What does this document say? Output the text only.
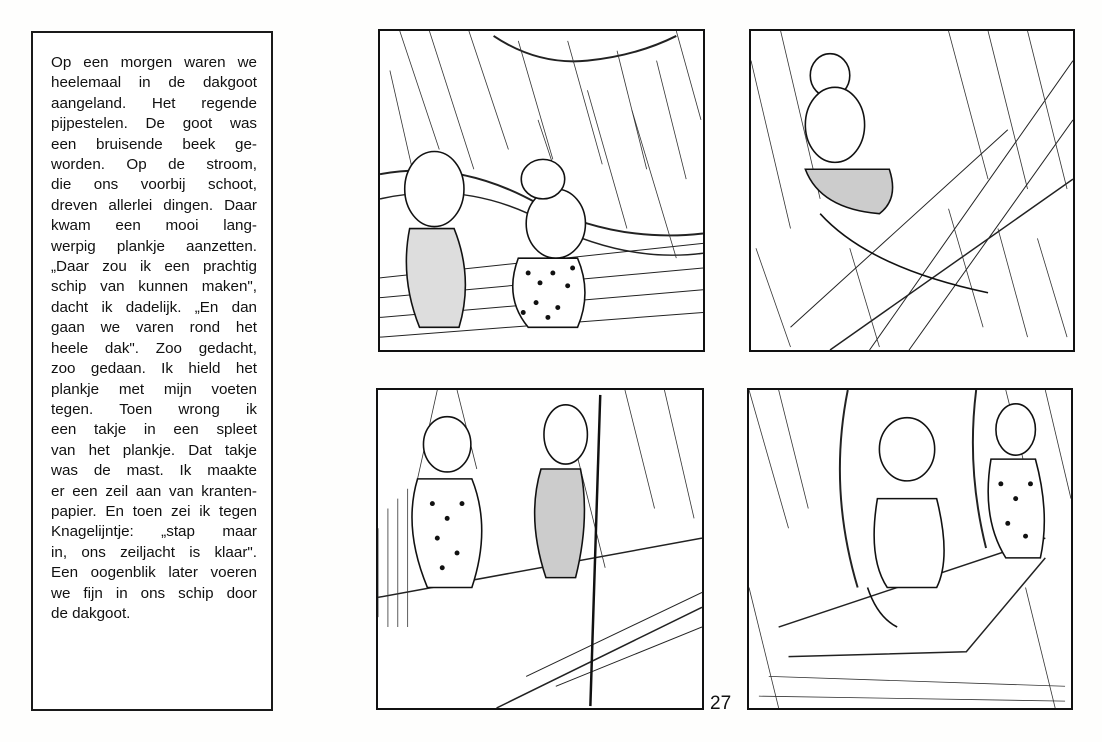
Op een morgen waren we
heelemaal in de dakgoot
aangeland. Het regende
pijpestelen. De goot was
een bruisende beek ge-
worden. Op de stroom,
die ons voorbij schoot,
dreven allerlei dingen. Daar
kwam een mooi lang-
werpig plankje aanzetten.
„Daar zou ik een prachtig
schip van kunnen maken",
dacht ik dadelijk. „En dan
gaan we varen rond het
heele dak". Zoo gedacht,
zoo gedaan. Ik hield het
plankje met mijn voeten
tegen. Toen wrong ik
een takje in een spleet
van het plankje. Dat takje
was de mast. Ik maakte
er een zeil aan van kranten-
papier. En toen zei ik tegen
Knagelijntje: „stap maar
in, ons zeiljacht is klaar".
Een oogenblik later voeren
we fijn in ons schip door
de dakgoot.
27
